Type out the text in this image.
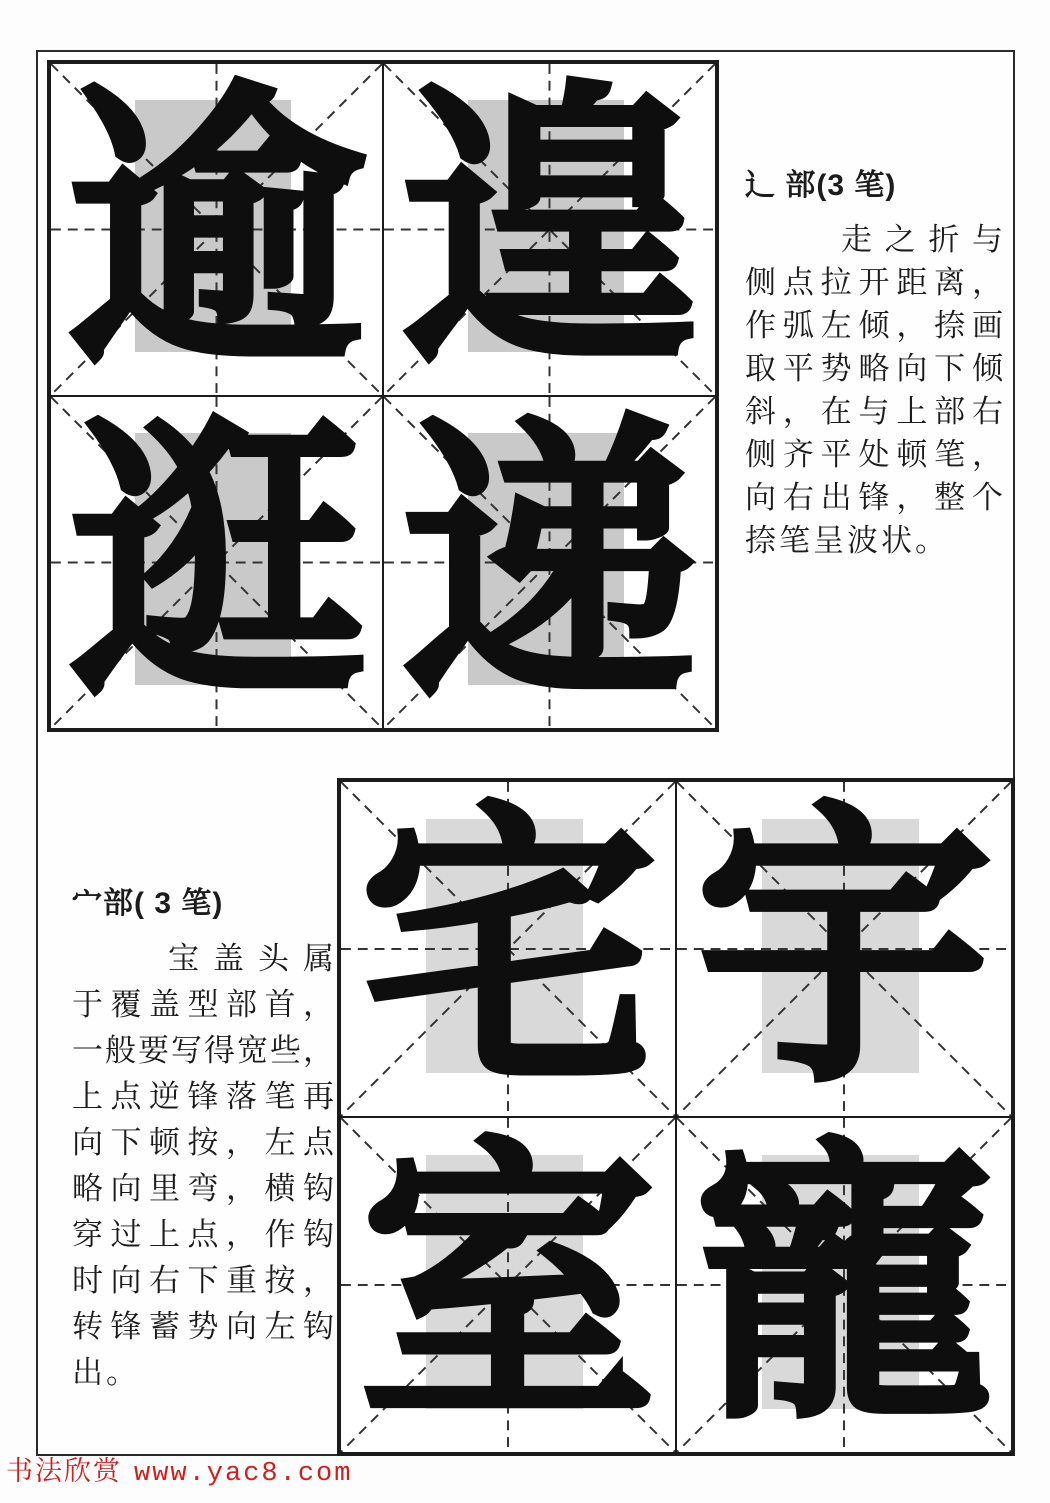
逾 遑
逛 递
辶 部(3 笔)
走之折与
侧点拉开距离，
作弧左倾，捺画
取平势略向下倾
斜，在与上部右
侧齐平处顿笔，
向右出锋，整个
捺笔呈波状。
宀部( 3 笔)
宝盖头属
于覆盖型部首，
一般要写得宽些，
上点逆锋落笔再
向下顿按，左点
略向里弯，横钩
穿过上点，作钩
时向右下重按，
转锋蓄势向左钩
出。
宅 宇
室 寵
书法欣赏 www.yac8.com
